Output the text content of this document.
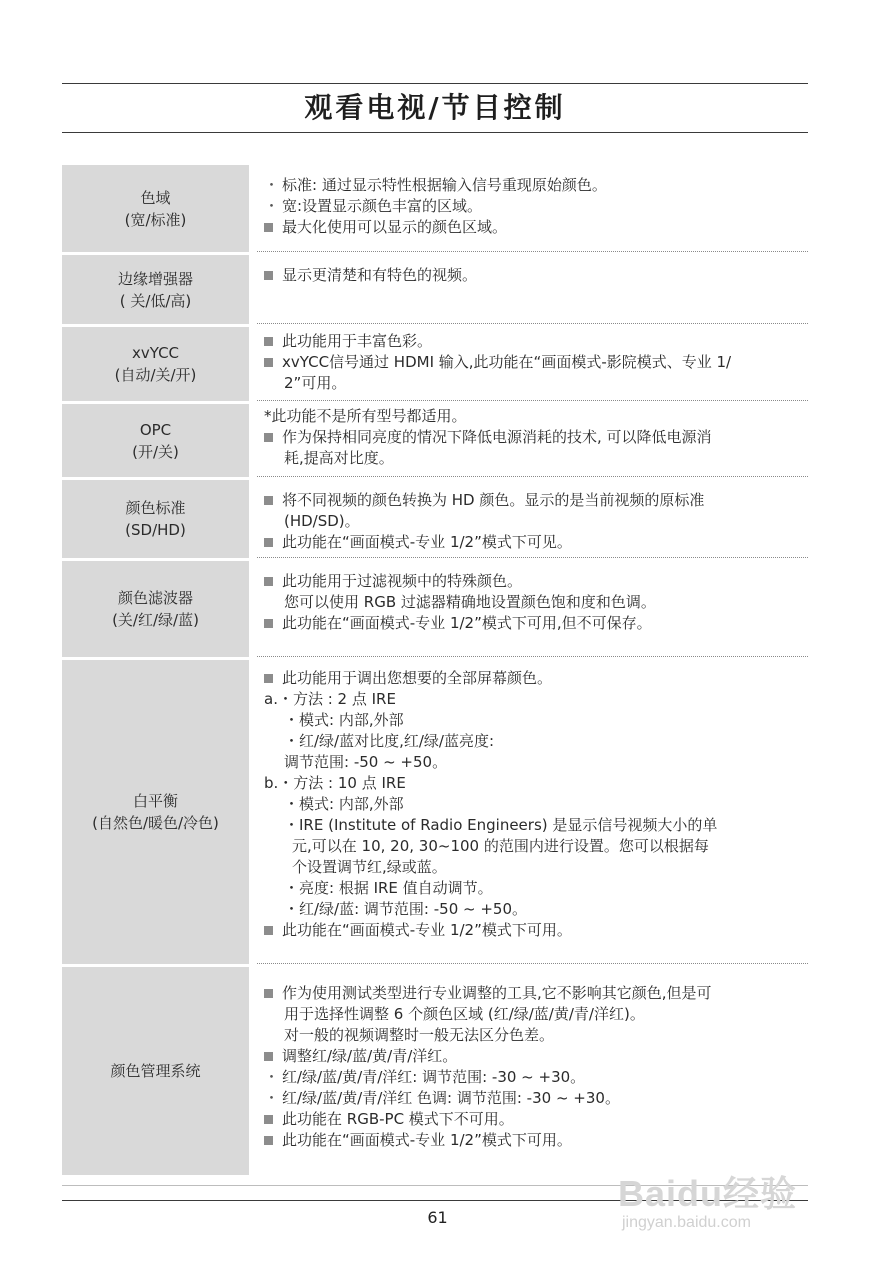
观看电视/节目控制
色域
(宽/标准)
・ 标准: 通过显示特性根据输入信号重现原始颜色。
・ 宽:设置显示颜色丰富的区域。
最大化使用可以显示的颜色区域。
边缘增强器
( 关/低/高)
显示更清楚和有特色的视频。
xvYCC
(自动/关/开)
此功能用于丰富色彩。
xvYCC信号通过 HDMI 输入,此功能在“画面模式-影院模式、专业 1/
2”可用。
OPC
(开/关)
*此功能不是所有型号都适用。
作为保持相同亮度的情况下降低电源消耗的技术, 可以降低电源消
耗,提高对比度。
颜色标准
(SD/HD)
将不同视频的颜色转换为 HD 颜色。显示的是当前视频的原标准
(HD/SD)。
此功能在“画面模式-专业 1/2”模式下可见。
颜色滤波器
(关/红/绿/蓝)
此功能用于过滤视频中的特殊颜色。
您可以使用 RGB 过滤器精确地设置颜色饱和度和色调。
此功能在“画面模式-专业 1/2”模式下可用,但不可保存。
白平衡
(自然色/暖色/冷色)
此功能用于调出您想要的全部屏幕颜色。
a.・方法 : 2 点 IRE
・模式: 内部,外部
・红/绿/蓝对比度,红/绿/蓝亮度:
调节范围: -50 ~ +50。
b.・方法 : 10 点 IRE
・模式: 内部,外部
・IRE (Institute of Radio Engineers) 是显示信号视频大小的单
元,可以在 10, 20, 30~100 的范围内进行设置。您可以根据每
个设置调节红,绿或蓝。
・亮度: 根据 IRE 值自动调节。
・红/绿/蓝: 调节范围: -50 ~ +50。
此功能在“画面模式-专业 1/2”模式下可用。
颜色管理系统
作为使用测试类型进行专业调整的工具,它不影响其它颜色,但是可
用于选择性调整 6 个颜色区域 (红/绿/蓝/黄/青/洋红)。
对一般的视频调整时一般无法区分色差。
调整红/绿/蓝/黄/青/洋红。
・ 红/绿/蓝/黄/青/洋红: 调节范围: -30 ~ +30。
・ 红/绿/蓝/黄/青/洋红 色调: 调节范围: -30 ~ +30。
此功能在 RGB-PC 模式下不可用。
此功能在“画面模式-专业 1/2”模式下可用。
61
Baidu经验
jingyan.baidu.com
